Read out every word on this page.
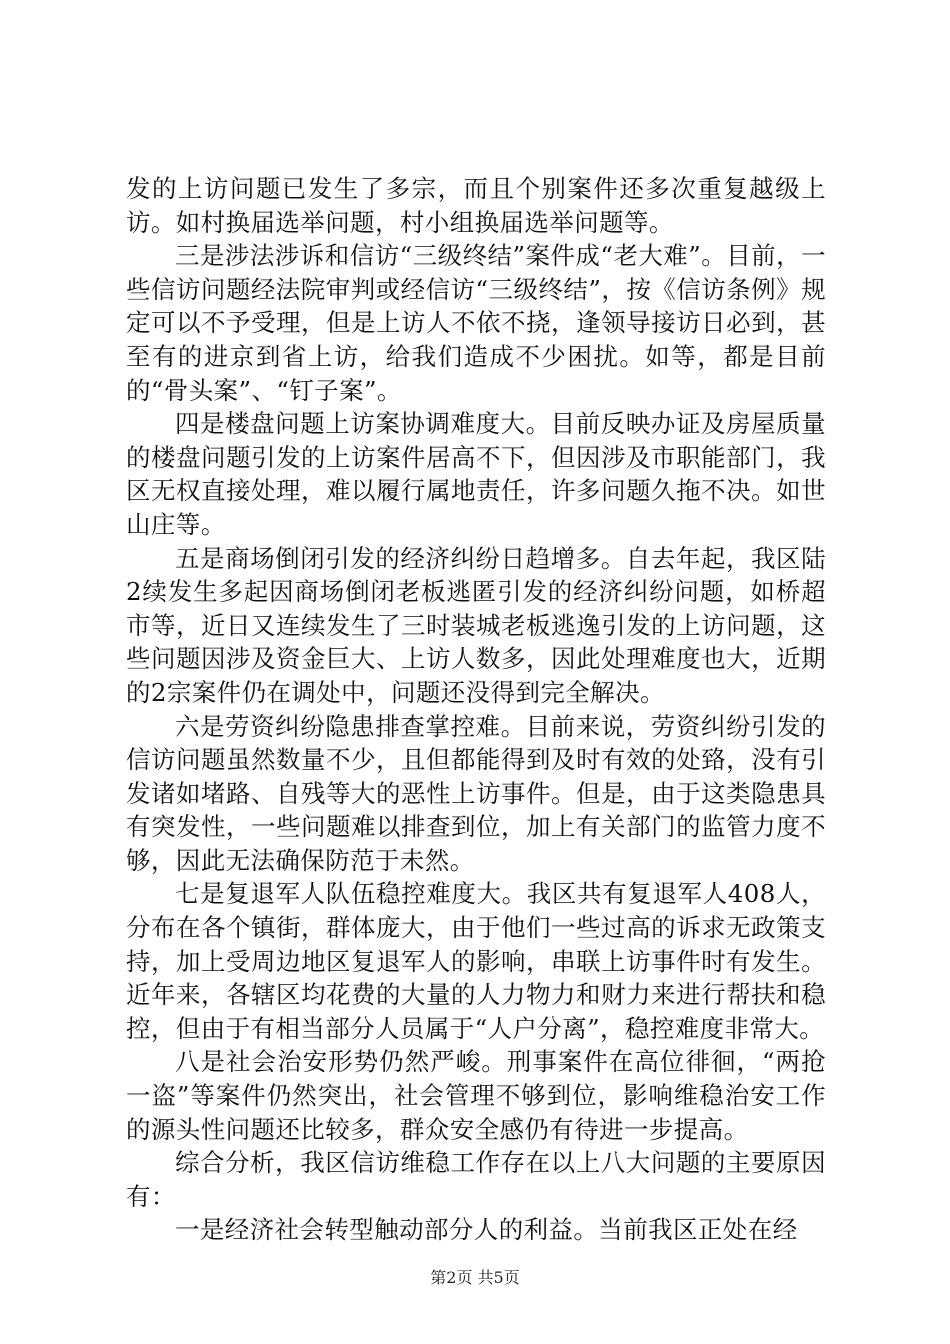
发的上访问题已发生了多宗，而且个别案件还多次重复越级上访。如村换届选举问题，村小组换届选举问题等。

三是涉法涉诉和信访“三级终结”案件成“老大难”。目前，一些信访问题经法院审判或经信访“三级终结”，按《信访条例》规定可以不予受理，但是上访人不依不挠，逢领导接访日必到，甚至有的进京到省上访，给我们造成不少困扰。如等，都是目前的“骨头案”、“钉子案”。

四是楼盘问题上访案协调难度大。目前反映办证及房屋质量的楼盘问题引发的上访案件居高不下，但因涉及市职能部门，我区无权直接处理，难以履行属地责任，许多问题久拖不决。如世山庄等。

五是商场倒闭引发的经济纠纷日趋增多。自去年起，我区陆2续发生多起因商场倒闭老板逃匿引发的经济纠纷问题，如桥超市等，近日又连续发生了三时装城老板逃逸引发的上访问题，这些问题因涉及资金巨大、上访人数多，因此处理难度也大，近期的2宗案件仍在调处中，问题还没得到完全解决。

六是劳资纠纷隐患排查掌控难。目前来说，劳资纠纷引发的信访问题虽然数量不少，且但都能得到及时有效的处臵，没有引发诸如堵路、自残等大的恶性上访事件。但是，由于这类隐患具有突发性，一些问题难以排查到位，加上有关部门的监管力度不够，因此无法确保防范于未然。

七是复退军人队伍稳控难度大。我区共有复退军人408人，分布在各个镇街，群体庞大，由于他们一些过高的诉求无政策支持，加上受周边地区复退军人的影响，串联上访事件时有发生。近年来，各辖区均花费的大量的人力物力和财力来进行帮扶和稳控，但由于有相当部分人员属于“人户分离”，稳控难度非常大。

八是社会治安形势仍然严峻。刑事案件在高位徘徊，“两抢一盗”等案件仍然突出，社会管理不够到位，影响维稳治安工作的源头性问题还比较多，群众安全感仍有待进一步提高。

综合分析，我区信访维稳工作存在以上八大问题的主要原因有：

一是经济社会转型触动部分人的利益。当前我区正处在经

第2页 共5页
